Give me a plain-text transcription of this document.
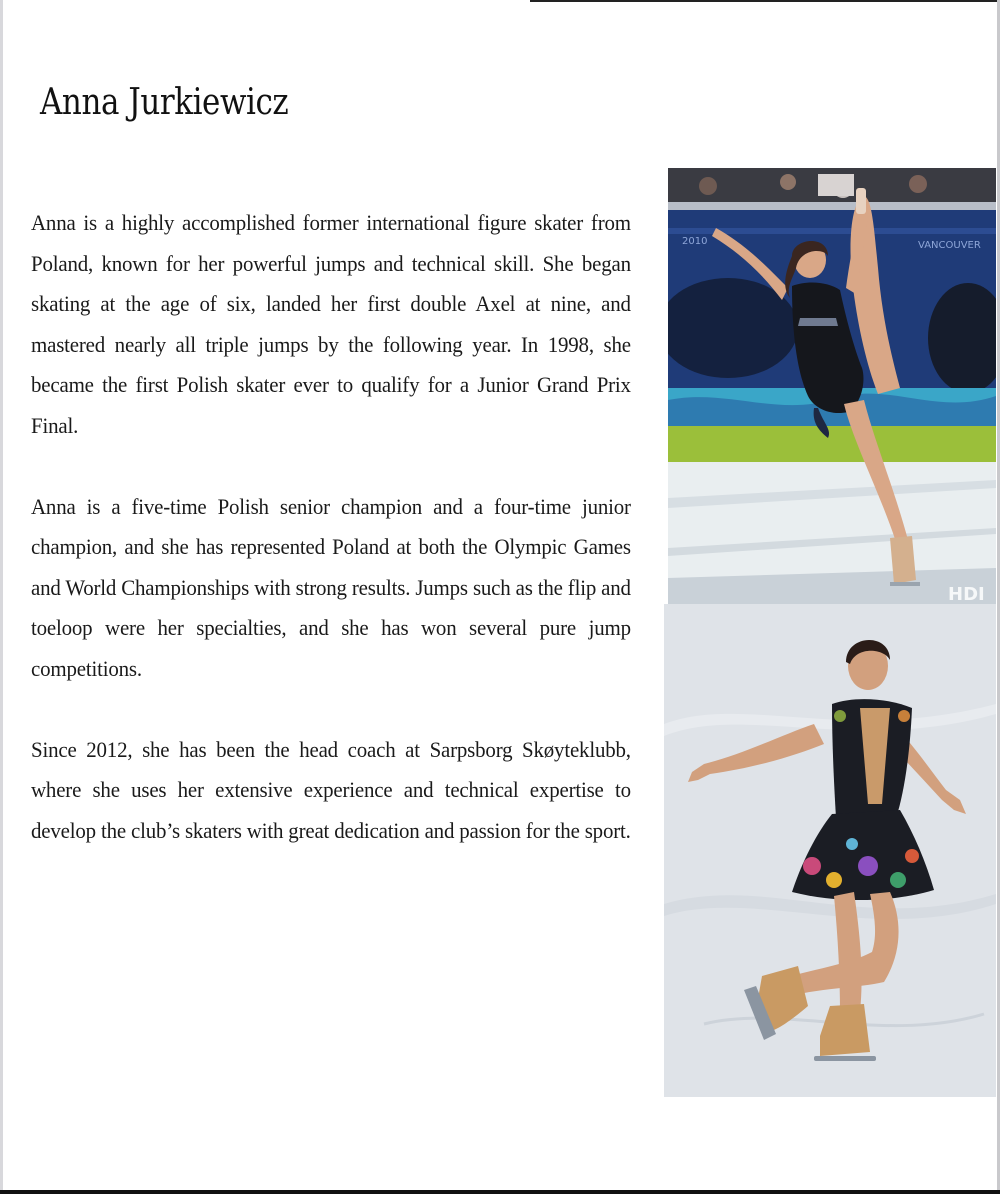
Anna Jurkiewicz

Anna is a highly accomplished former international figure skater from Poland, known for her powerful jumps and technical skill. She began skating at the age of six, landed her first double Axel at nine, and mastered nearly all triple jumps by the following year. In 1998, she became the first Polish skater ever to qualify for a Junior Grand Prix Final.

Anna is a five-time Polish senior champion and a four-time junior champion, and she has represented Poland at both the Olympic Games and World Championships with strong results. Jumps such as the flip and toeloop were her specialties, and she has won several pure jump competitions.

Since 2012, she has been the head coach at Sarpsborg Skøyteklubb, where she uses her extensive experience and technical expertise to develop the club’s skaters with great dedication and passion for the sport.

2010	VANCOUVER
HDI
